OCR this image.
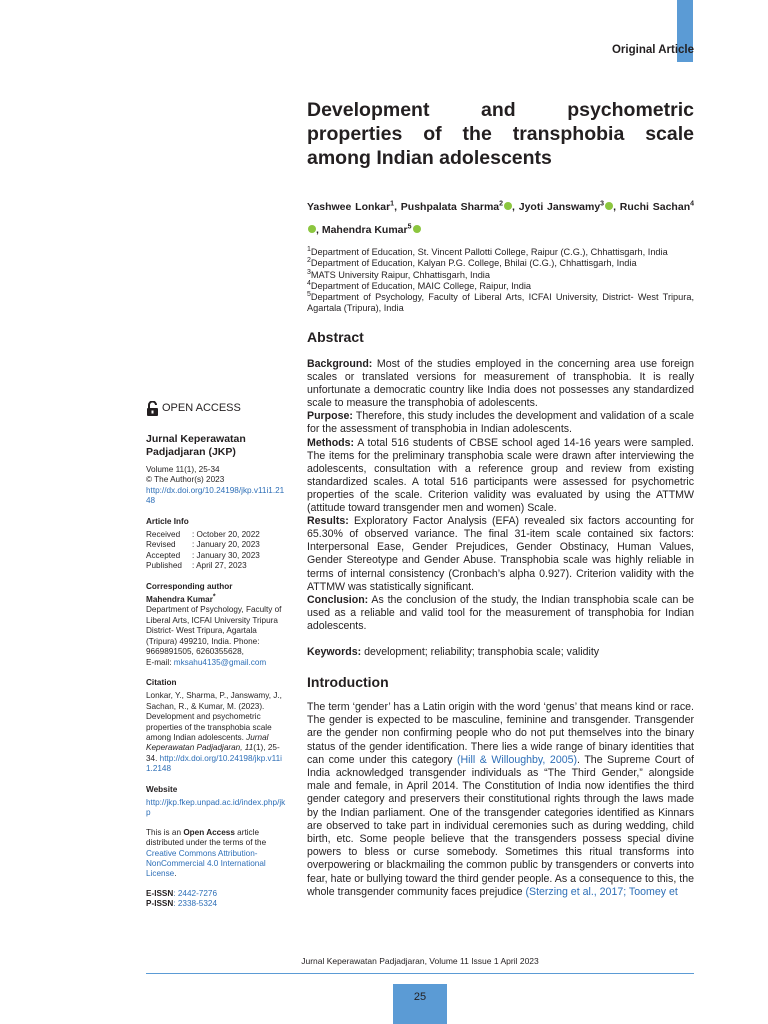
Original Article
Development and psychometric properties of the transphobia scale among Indian adolescents
Yashwee Lonkar$^1$, Pushpalata Sharma$^2$ , Jyoti Janswamy$^3$ , Ruchi Sachan$^4$, Mahendra Kumar$^5$
$^1$Department of Education, St. Vincent Pallotti College, Raipur (C.G.), Chhattisgarh, India
$^2$Department of Education, Kalyan P.G. College, Bhilai (C.G.), Chhattisgarh, India
$^3$MATS University Raipur, Chhattisgarh, India
$^4$Department of Education, MAIC College, Raipur, India
$^5$Department of Psychology, Faculty of Liberal Arts, ICFAI University, District- West Tripura, Agartala (Tripura), India
Abstract
Background: Most of the studies employed in the concerning area use foreign scales or translated versions for measurement of transphobia. It is really unfortunate a democratic country like India does not possesses any standardized scale to measure the transphobia of adolescents.
Purpose: Therefore, this study includes the development and validation of a scale for the assessment of transphobia in Indian adolescents.
Methods: A total 516 students of CBSE school aged 14-16 years were sampled. The items for the preliminary transphobia scale were drawn after interviewing the adolescents, consultation with a reference group and review from existing standardized scales. A total 516 participants were assessed for psychometric properties of the scale. Criterion validity was evaluated by using the ATTMW (attitude toward transgender men and women) Scale.
Results: Exploratory Factor Analysis (EFA) revealed six factors accounting for 65.30% of observed variance. The final 31-item scale contained six factors: Interpersonal Ease, Gender Prejudices, Gender Obstinacy, Human Values, Gender Stereotype and Gender Abuse. Transphobia scale was highly reliable in terms of internal consistency (Cronbach’s alpha 0.927). Criterion validity with the ATTMW was statistically significant.
Conclusion: As the conclusion of the study, the Indian transphobia scale can be used as a reliable and valid tool for the measurement of transphobia for Indian adolescents.
Keywords: development; reliability; transphobia scale; validity
Introduction
The term ‘gender’ has a Latin origin with the word ‘genus’ that means kind or race. The gender is expected to be masculine, feminine and transgender. Transgender are the gender non confirming people who do not put themselves into the binary status of the gender identification. There lies a wide range of binary identities that can come under this category (Hill & Willoughby, 2005). The Supreme Court of India acknowledged transgender individuals as “The Third Gender,” alongside male and female, in April 2014. The Constitution of India now identifies the third gender category and preservers their constitutional rights through the laws made by the Indian parliament. One of the transgender categories identified as Kinnars are observed to take part in individual ceremonies such as during wedding, child birth, etc. Some people believe that the transgenders possess special divine powers to bless or curse somebody. Sometimes this ritual transforms into overpowering or blackmailing the common public by transgenders or converts into fear, hate or bullying toward the third gender people. As a consequence to this, the whole transgender community faces prejudice (Sterzing et al., 2017; Toomey et
OPEN ACCESS
Jurnal Keperawatan Padjadjaran (JKP)
Volume 11(1), 25-34
© The Author(s) 2023
http://dx.doi.org/10.24198/jkp.v11i1.2148
Article Info
Received	: October 20, 2022
Revised	: January 20, 2023
Accepted	: January 30, 2023
Published	: April 27, 2023
Corresponding author
Mahendra Kumar*
Department of Psychology, Faculty of Liberal Arts, ICFAI University Tripura District- West Tripura, Agartala (Tripura) 499210, India. Phone: 9669891505, 6260355628,
E-mail: mksahu4135@gmail.com
Citation
Lonkar, Y., Sharma, P., Janswamy, J., Sachan, R., & Kumar, M. (2023). Development and psychometric properties of the transphobia scale among Indian adolescents. Jurnal Keperawatan Padjadjaran, 11(1), 25-34. http://dx.doi.org/10.24198/jkp.v11i1.2148
Website
http://jkp.fkep.unpad.ac.id/index.php/jkp
This is an Open Access article distributed under the terms of the Creative Commons Attribution-NonCommercial 4.0 International License.
E-ISSN: 2442-7276
P-ISSN: 2338-5324
Jurnal Keperawatan Padjadjaran, Volume 11 Issue 1 April 2023
25
